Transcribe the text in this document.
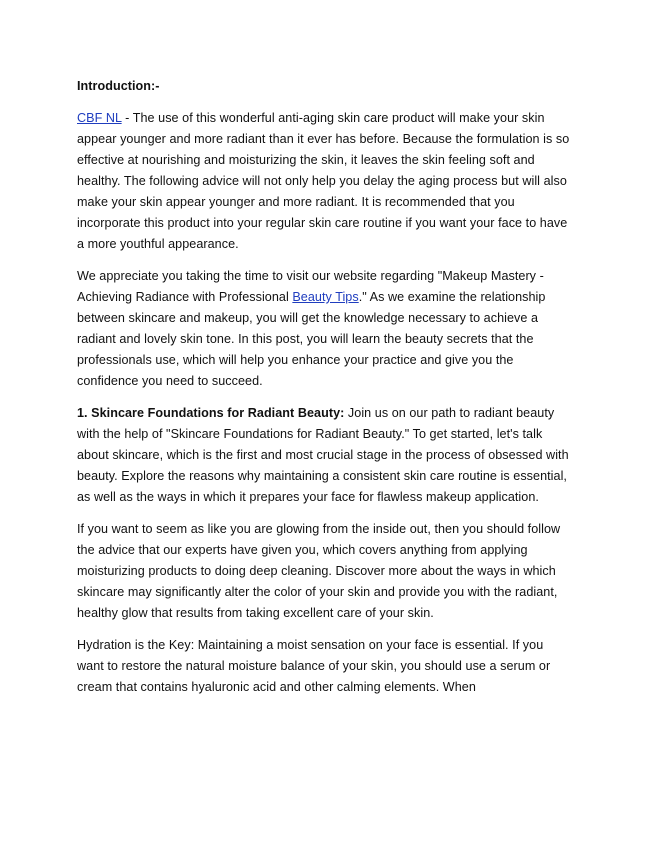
Introduction:-

CBF NL - The use of this wonderful anti-aging skin care product will make your skin appear younger and more radiant than it ever has before. Because the formulation is so effective at nourishing and moisturizing the skin, it leaves the skin feeling soft and healthy. The following advice will not only help you delay the aging process but will also make your skin appear younger and more radiant. It is recommended that you incorporate this product into your regular skin care routine if you want your face to have a more youthful appearance.

We appreciate you taking the time to visit our website regarding "Makeup Mastery - Achieving Radiance with Professional Beauty Tips." As we examine the relationship between skincare and makeup, you will get the knowledge necessary to achieve a radiant and lovely skin tone. In this post, you will learn the beauty secrets that the professionals use, which will help you enhance your practice and give you the confidence you need to succeed.

1. Skincare Foundations for Radiant Beauty: Join us on our path to radiant beauty with the help of "Skincare Foundations for Radiant Beauty." To get started, let's talk about skincare, which is the first and most crucial stage in the process of obsessed with beauty. Explore the reasons why maintaining a consistent skin care routine is essential, as well as the ways in which it prepares your face for flawless makeup application.

If you want to seem as like you are glowing from the inside out, then you should follow the advice that our experts have given you, which covers anything from applying moisturizing products to doing deep cleaning. Discover more about the ways in which skincare may significantly alter the color of your skin and provide you with the radiant, healthy glow that results from taking excellent care of your skin.

Hydration is the Key: Maintaining a moist sensation on your face is essential. If you want to restore the natural moisture balance of your skin, you should use a serum or cream that contains hyaluronic acid and other calming elements. When
